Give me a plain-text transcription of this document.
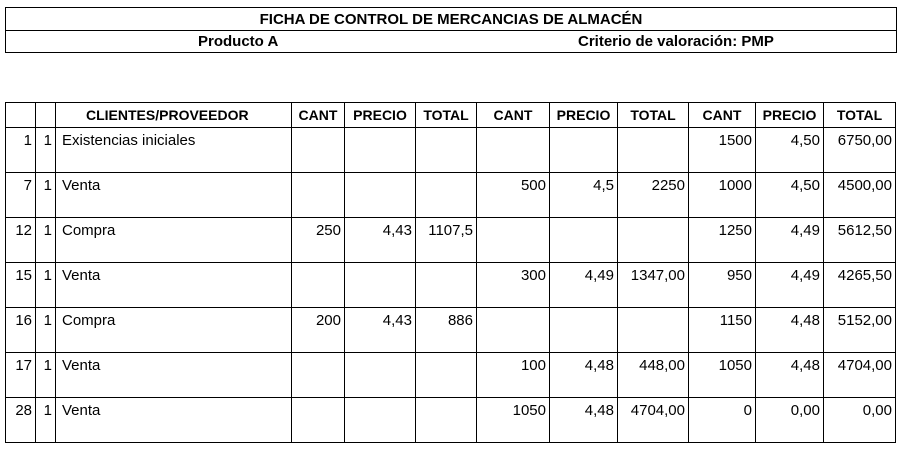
FICHA DE CONTROL DE MERCANCIAS DE ALMACÉN
Producto A	Criterio de valoración: PMP
		CLIENTES/PROVEEDOR	CANT	PRECIO	TOTAL	CANT	PRECIO	TOTAL	CANT	PRECIO	TOTAL
1	1	Existencias iniciales							1500	4,50	6750,00
7	1	Venta				500	4,5	2250	1000	4,50	4500,00
12	1	Compra	250	4,43	1107,5				1250	4,49	5612,50
15	1	Venta				300	4,49	1347,00	950	4,49	4265,50
16	1	Compra	200	4,43	886				1150	4,48	5152,00
17	1	Venta				100	4,48	448,00	1050	4,48	4704,00
28	1	Venta				1050	4,48	4704,00	0	0,00	0,00
